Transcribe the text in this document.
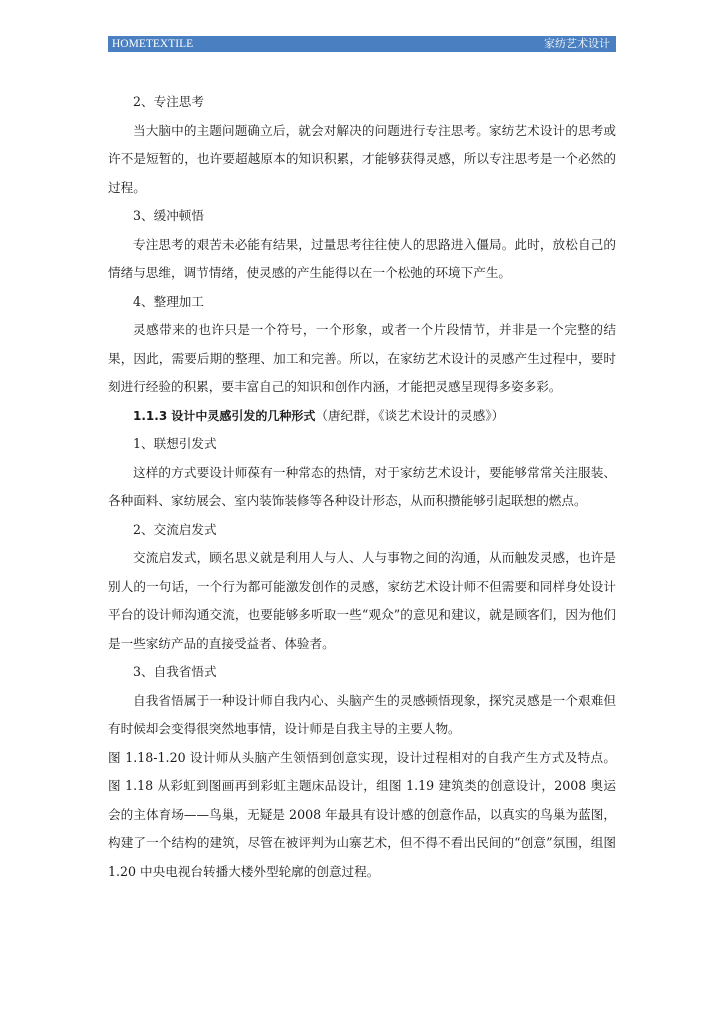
HOMETEXTILE	家纺艺术设计

2、专注思考

当大脑中的主题问题确立后，就会对解决的问题进行专注思考。家纺艺术设计的思考或许不是短暂的，也许要超越原本的知识积累，才能够获得灵感，所以专注思考是一个必然的过程。

3、缓冲顿悟

专注思考的艰苦未必能有结果，过量思考往往使人的思路进入僵局。此时，放松自己的情绪与思维，调节情绪，使灵感的产生能得以在一个松弛的环境下产生。

4、整理加工

灵感带来的也许只是一个符号，一个形象，或者一个片段情节，并非是一个完整的结果，因此，需要后期的整理、加工和完善。所以，在家纺艺术设计的灵感产生过程中，要时刻进行经验的积累，要丰富自己的知识和创作内涵，才能把灵感呈现得多姿多彩。

1.1.3 设计中灵感引发的几种形式（唐纪群，《谈艺术设计的灵感》）

1、联想引发式

这样的方式要设计师葆有一种常态的热情，对于家纺艺术设计，要能够常常关注服装、各种面料、家纺展会、室内装饰装修等各种设计形态，从而积攒能够引起联想的燃点。

2、交流启发式

交流启发式，顾名思义就是利用人与人、人与事物之间的沟通，从而触发灵感，也许是别人的一句话，一个行为都可能激发创作的灵感，家纺艺术设计师不但需要和同样身处设计平台的设计师沟通交流，也要能够多听取一些“观众”的意见和建议，就是顾客们，因为他们是一些家纺产品的直接受益者、体验者。

3、自我省悟式

自我省悟属于一种设计师自我内心、头脑产生的灵感顿悟现象，探究灵感是一个艰难但有时候却会变得很突然地事情，设计师是自我主导的主要人物。

图 1.18-1.20 设计师从头脑产生领悟到创意实现，设计过程相对的自我产生方式及特点。图 1.18 从彩虹到图画再到彩虹主题床品设计，组图 1.19 建筑类的创意设计，2008 奥运会的主体育场——鸟巢，无疑是 2008 年最具有设计感的创意作品，以真实的鸟巢为蓝图，构建了一个结构的建筑，尽管在被评判为山寨艺术，但不得不看出民间的“创意”氛围，组图 1.20 中央电视台转播大楼外型轮廓的创意过程。
